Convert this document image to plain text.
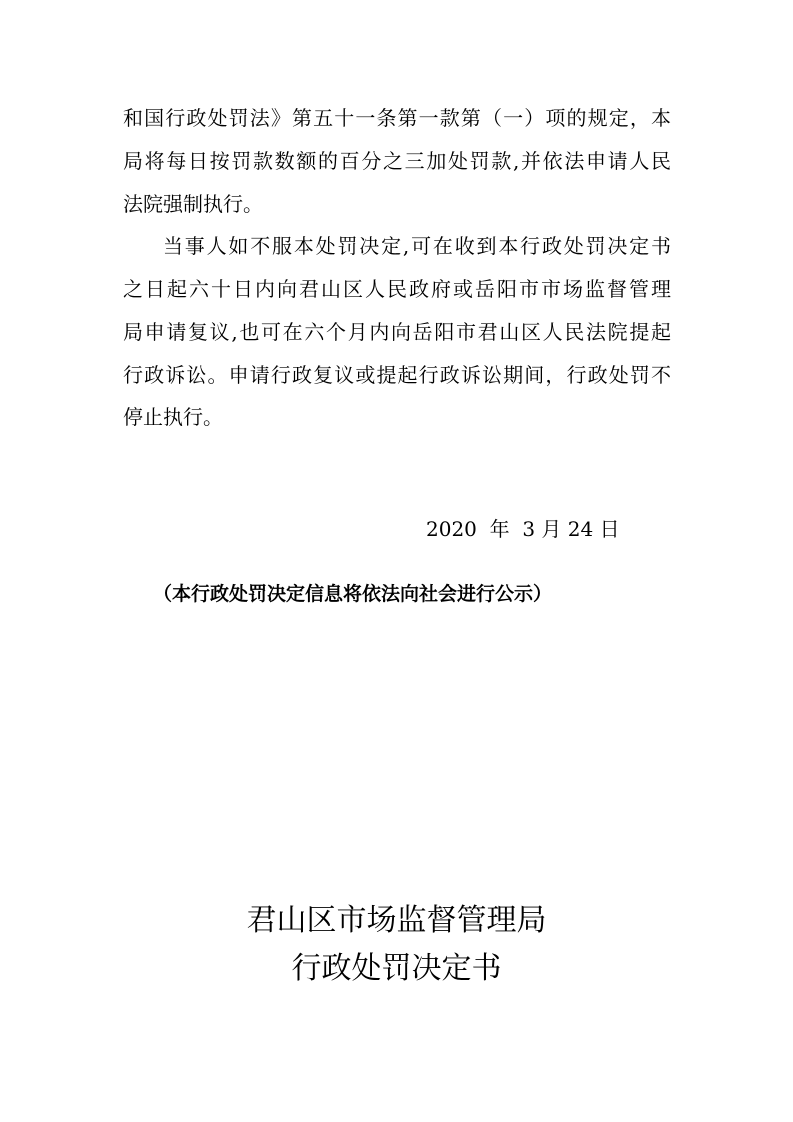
和国行政处罚法》第五十一条第一款第（一）项的规定，本

局将每日按罚款数额的百分之三加处罚款,并依法申请人民

法院强制执行。

当事人如不服本处罚决定,可在收到本行政处罚决定书

之日起六十日内向君山区人民政府或岳阳市市场监督管理

局申请复议,也可在六个月内向岳阳市君山区人民法院提起

行政诉讼。申请行政复议或提起行政诉讼期间，行政处罚不

停止执行。

2020  年  3 月 24 日

（本行政处罚决定信息将依法向社会进行公示）

君山区市场监督管理局

行政处罚决定书
